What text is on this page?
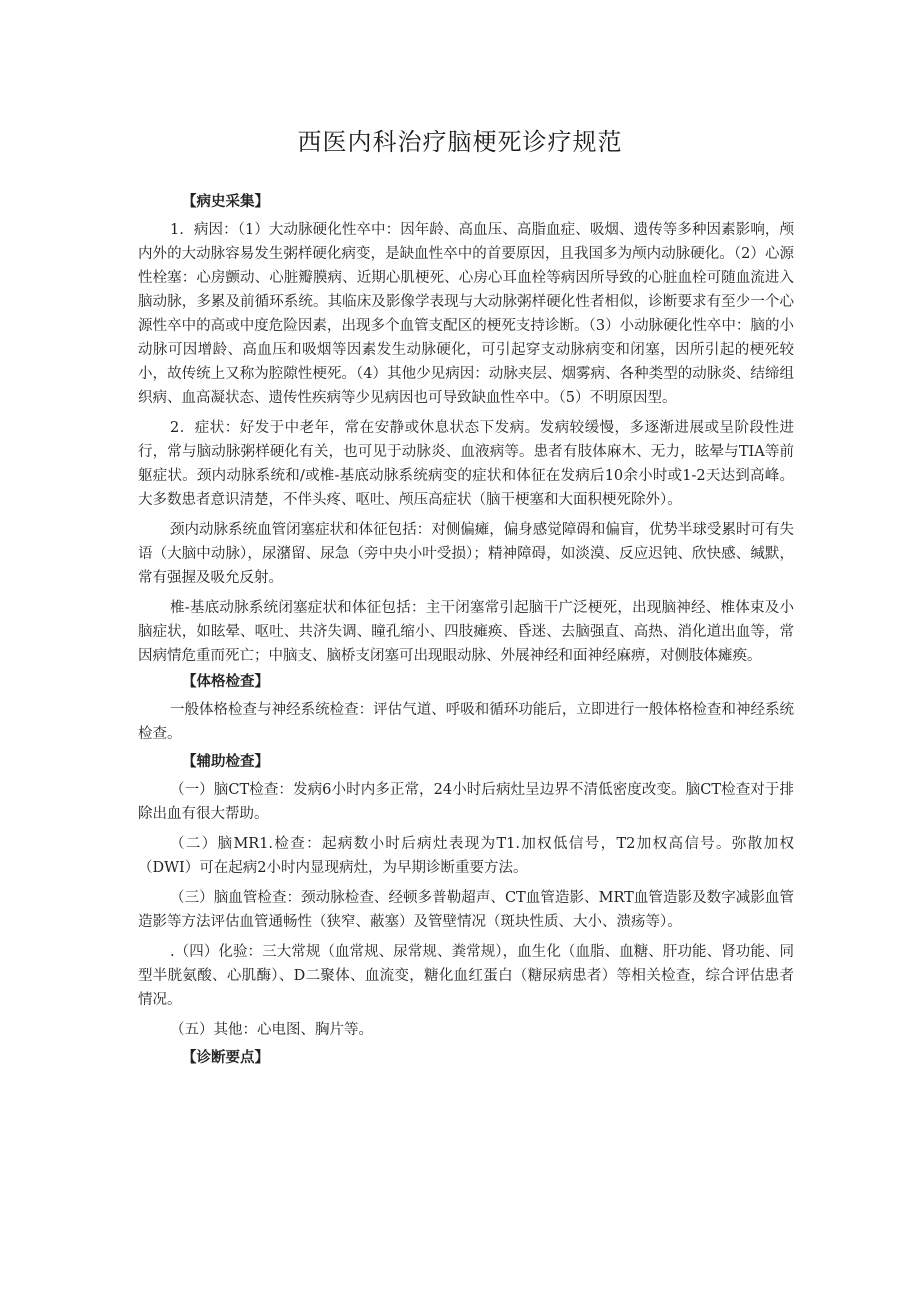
西医内科治疗脑梗死诊疗规范
【病史采集】

1．病因：（1）大动脉硬化性卒中：因年龄、高血压、高脂血症、吸烟、遗传等多种因素影响，颅内外的大动脉容易发生粥样硬化病变，是缺血性卒中的首要原因，且我国多为颅内动脉硬化。（2）心源性栓塞：心房颤动、心脏瓣膜病、近期心肌梗死、心房心耳血栓等病因所导致的心脏血栓可随血流进入脑动脉，多累及前循环系统。其临床及影像学表现与大动脉粥样硬化性者相似，诊断要求有至少一个心源性卒中的高或中度危险因素，出现多个血管支配区的梗死支持诊断。（3）小动脉硬化性卒中：脑的小动脉可因增龄、高血压和吸烟等因素发生动脉硬化，可引起穿支动脉病变和闭塞，因所引起的梗死较小，故传统上又称为腔隙性梗死。（4）其他少见病因：动脉夹层、烟雾病、各种类型的动脉炎、结缔组织病、血高凝状态、遗传性疾病等少见病因也可导致缺血性卒中。（5）不明原因型。

2．症状：好发于中老年，常在安静或休息状态下发病。发病较缓慢，多逐渐进展或呈阶段性进行，常与脑动脉粥样硬化有关，也可见于动脉炎、血液病等。患者有肢体麻木、无力，眩晕与TIA等前躯症状。颈内动脉系统和/或椎-基底动脉系统病变的症状和体征在发病后10余小时或1-2天达到高峰。大多数患者意识清楚，不伴头疼、呕吐、颅压高症状（脑干梗塞和大面积梗死除外）。

颈内动脉系统血管闭塞症状和体征包括：对侧偏瘫，偏身感觉障碍和偏盲，优势半球受累时可有失语（大脑中动脉），尿潴留、尿急（旁中央小叶受损）；精神障碍，如淡漠、反应迟钝、欣快感、缄默，常有强握及吸允反射。

椎-基底动脉系统闭塞症状和体征包括：主干闭塞常引起脑干广泛梗死，出现脑神经、椎体束及小脑症状，如眩晕、呕吐、共济失调、瞳孔缩小、四肢瘫痪、昏迷、去脑强直、高热、消化道出血等，常因病情危重而死亡；中脑支、脑桥支闭塞可出现眼动脉、外展神经和面神经麻痹，对侧肢体瘫痪。

【体格检查】

一般体格检查与神经系统检查：评估气道、呼吸和循环功能后，立即进行一般体格检查和神经系统检查。

【辅助检查】

（一）脑CT检查：发病6小时内多正常，24小时后病灶呈边界不清低密度改变。脑CT检查对于排除出血有很大帮助。

（二）脑MR1.检查：起病数小时后病灶表现为T1.加权低信号，T2加权高信号。弥散加权（DWI）可在起病2小时内显现病灶，为早期诊断重要方法。

（三）脑血管检查：颈动脉检查、经顿多普勒超声、CT血管造影、MRT血管造影及数字减影血管造影等方法评估血管通畅性（狭窄、蔽塞）及管壁情况（斑块性质、大小、溃疡等）。

.（四）化验：三大常规（血常规、尿常规、粪常规），血生化（血脂、血糖、肝功能、肾功能、同型半胱氨酸、心肌酶）、D二聚体、血流变，糖化血红蛋白（糖尿病患者）等相关检查，综合评估患者情况。

（五）其他：心电图、胸片等。

【诊断要点】
